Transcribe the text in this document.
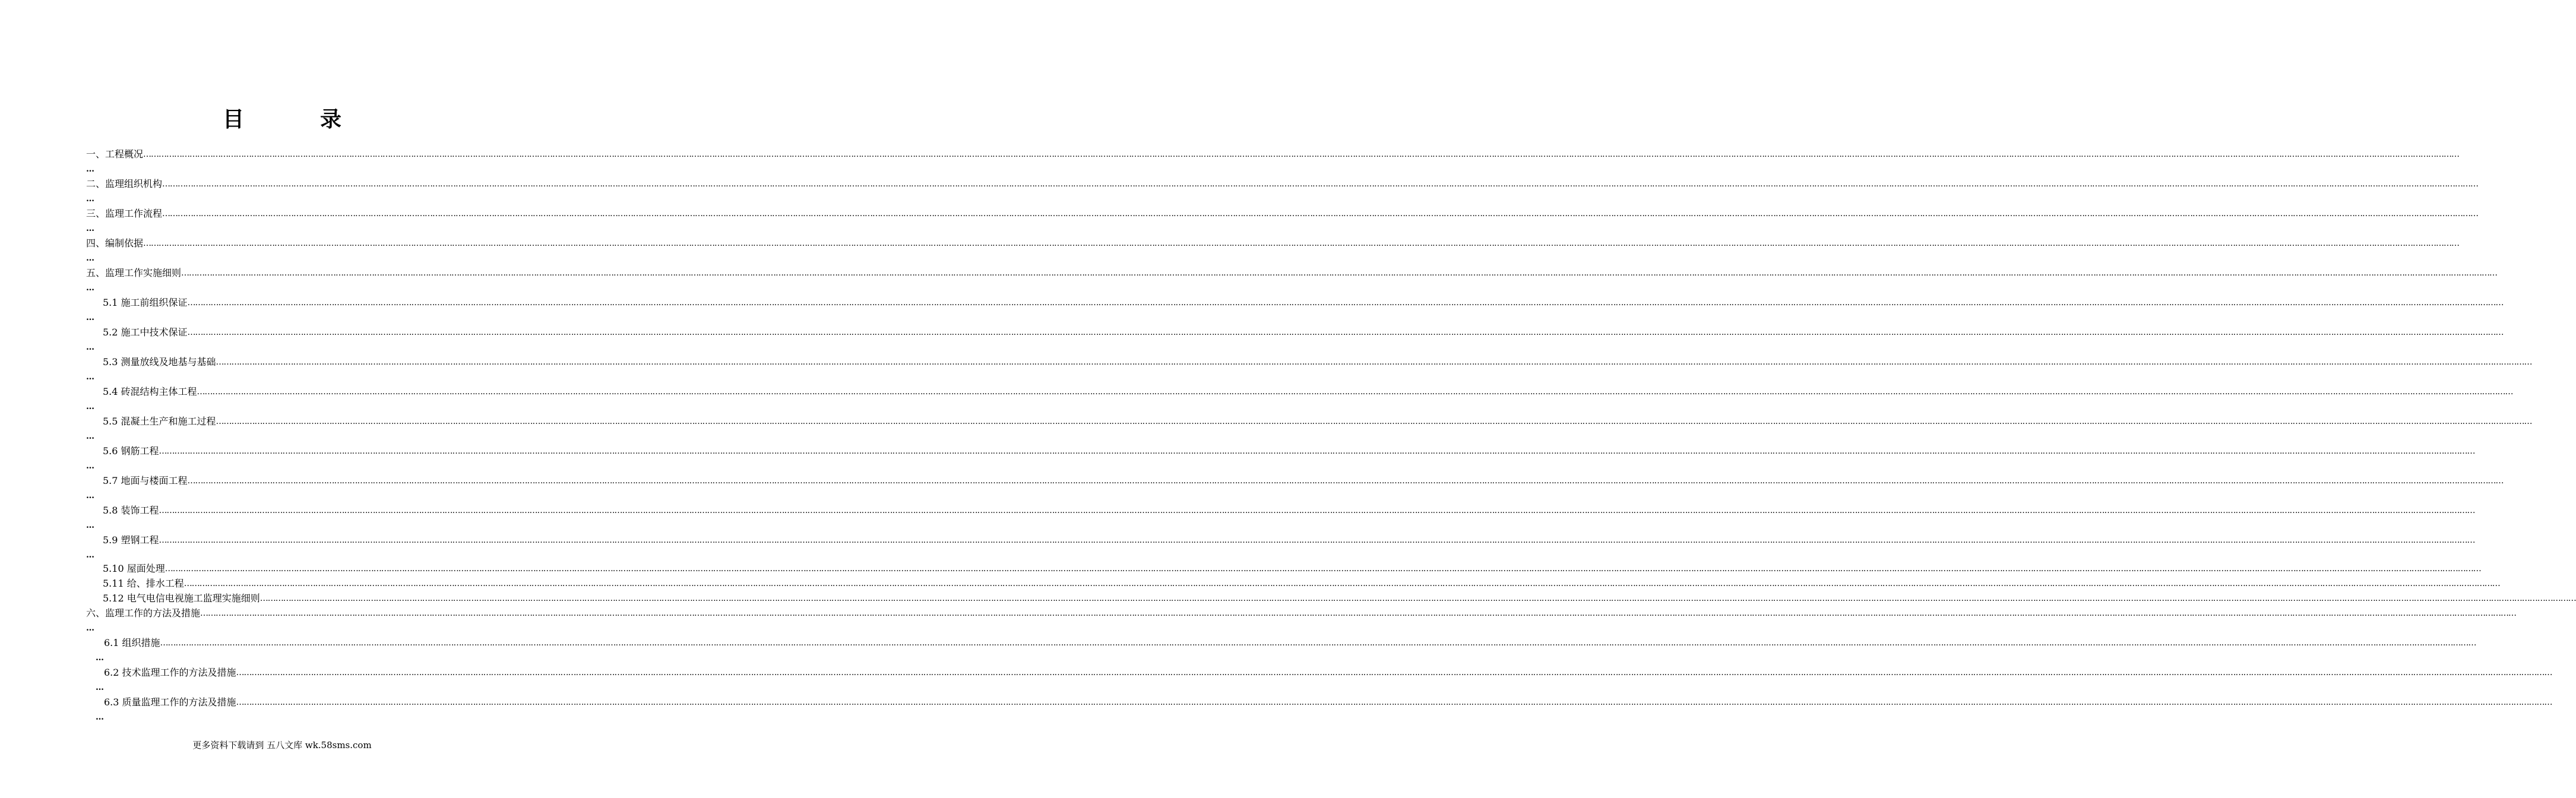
目　录
一、工程概况………………………………………………………………………………………………………………………………………………………………………………………………………………………………………………………………………………………………………………………………………………………………………………………………………………………………………………………………………………………………………………………………………………………………………………………………………………………………………………………………………………………………………………………………………………………………………………………………………………………………
…
二、监理组织机构………………………………………………………………………………………………………………………………………………………………………………………………………………………………………………………………………………………………………………………………………………………………………………………………………………………………………………………………………………………………………………………………………………………………………………………………………………………………………………………………………………………………………………………………………………………………………………………………………………………………
…
三、监理工作流程………………………………………………………………………………………………………………………………………………………………………………………………………………………………………………………………………………………………………………………………………………………………………………………………………………………………………………………………………………………………………………………………………………………………………………………………………………………………………………………………………………………………………………………………………………………………………………………………………………………………
…
四、编制依据………………………………………………………………………………………………………………………………………………………………………………………………………………………………………………………………………………………………………………………………………………………………………………………………………………………………………………………………………………………………………………………………………………………………………………………………………………………………………………………………………………………………………………………………………………………………………………………………………………………………
…
五、监理工作实施细则………………………………………………………………………………………………………………………………………………………………………………………………………………………………………………………………………………………………………………………………………………………………………………………………………………………………………………………………………………………………………………………………………………………………………………………………………………………………………………………………………………………………………………………………………………………………………………………………………………………………
…
5.1 施工前组织保证………………………………………………………………………………………………………………………………………………………………………………………………………………………………………………………………………………………………………………………………………………………………………………………………………………………………………………………………………………………………………………………………………………………………………………………………………………………………………………………………………………………………………………………………………………………………………………………………………………………………
…
5.2 施工中技术保证………………………………………………………………………………………………………………………………………………………………………………………………………………………………………………………………………………………………………………………………………………………………………………………………………………………………………………………………………………………………………………………………………………………………………………………………………………………………………………………………………………………………………………………………………………………………………………………………………………………………
…
5.3 测量放线及地基与基础………………………………………………………………………………………………………………………………………………………………………………………………………………………………………………………………………………………………………………………………………………………………………………………………………………………………………………………………………………………………………………………………………………………………………………………………………………………………………………………………………………………………………………………………………………………………………………………………………………………………
…
5.4 砖混结构主体工程………………………………………………………………………………………………………………………………………………………………………………………………………………………………………………………………………………………………………………………………………………………………………………………………………………………………………………………………………………………………………………………………………………………………………………………………………………………………………………………………………………………………………………………………………………………………………………………………………………………………
…
5.5 混凝土生产和施工过程………………………………………………………………………………………………………………………………………………………………………………………………………………………………………………………………………………………………………………………………………………………………………………………………………………………………………………………………………………………………………………………………………………………………………………………………………………………………………………………………………………………………………………………………………………………………………………………………………………………………
…
5.6 钢筋工程………………………………………………………………………………………………………………………………………………………………………………………………………………………………………………………………………………………………………………………………………………………………………………………………………………………………………………………………………………………………………………………………………………………………………………………………………………………………………………………………………………………………………………………………………………………………………………………………………………………………
…
5.7 地面与楼面工程………………………………………………………………………………………………………………………………………………………………………………………………………………………………………………………………………………………………………………………………………………………………………………………………………………………………………………………………………………………………………………………………………………………………………………………………………………………………………………………………………………………………………………………………………………………………………………………………………………………………
…
5.8 装饰工程………………………………………………………………………………………………………………………………………………………………………………………………………………………………………………………………………………………………………………………………………………………………………………………………………………………………………………………………………………………………………………………………………………………………………………………………………………………………………………………………………………………………………………………………………………………………………………………………………………………………
…
5.9 塑钢工程………………………………………………………………………………………………………………………………………………………………………………………………………………………………………………………………………………………………………………………………………………………………………………………………………………………………………………………………………………………………………………………………………………………………………………………………………………………………………………………………………………………………………………………………………………………………………………………………………………………………
…
5.10 屋面处理………………………………………………………………………………………………………………………………………………………………………………………………………………………………………………………………………………………………………………………………………………………………………………………………………………………………………………………………………………………………………………………………………………………………………………………………………………………………………………………………………………………………………………………………………………………………………………………………………………………………
5.11 给、排水工程………………………………………………………………………………………………………………………………………………………………………………………………………………………………………………………………………………………………………………………………………………………………………………………………………………………………………………………………………………………………………………………………………………………………………………………………………………………………………………………………………………………………………………………………………………………………………………………………………………………………
5.12 电气电信电视施工监理实施细则………………………………………………………………………………………………………………………………………………………………………………………………………………………………………………………………………………………………………………………………………………………………………………………………………………………………………………………………………………………………………………………………………………………………………………………………………………………………………………………………………………………………………………………………………………………………………………………………………………………………
六、监理工作的方法及措施………………………………………………………………………………………………………………………………………………………………………………………………………………………………………………………………………………………………………………………………………………………………………………………………………………………………………………………………………………………………………………………………………………………………………………………………………………………………………………………………………………………………………………………………………………………………………………………………………………………………
…
6.1 组织措施………………………………………………………………………………………………………………………………………………………………………………………………………………………………………………………………………………………………………………………………………………………………………………………………………………………………………………………………………………………………………………………………………………………………………………………………………………………………………………………………………………………………………………………………………………………………………………………………………………………………
…
6.2 技术监理工作的方法及措施………………………………………………………………………………………………………………………………………………………………………………………………………………………………………………………………………………………………………………………………………………………………………………………………………………………………………………………………………………………………………………………………………………………………………………………………………………………………………………………………………………………………………………………………………………………………………………………………………………………………
…
6.3 质量监理工作的方法及措施………………………………………………………………………………………………………………………………………………………………………………………………………………………………………………………………………………………………………………………………………………………………………………………………………………………………………………………………………………………………………………………………………………………………………………………………………………………………………………………………………………………………………………………………………………………………………………………………………………………………
…
更多资料下载请到 五八文库 wk.58sms.com
